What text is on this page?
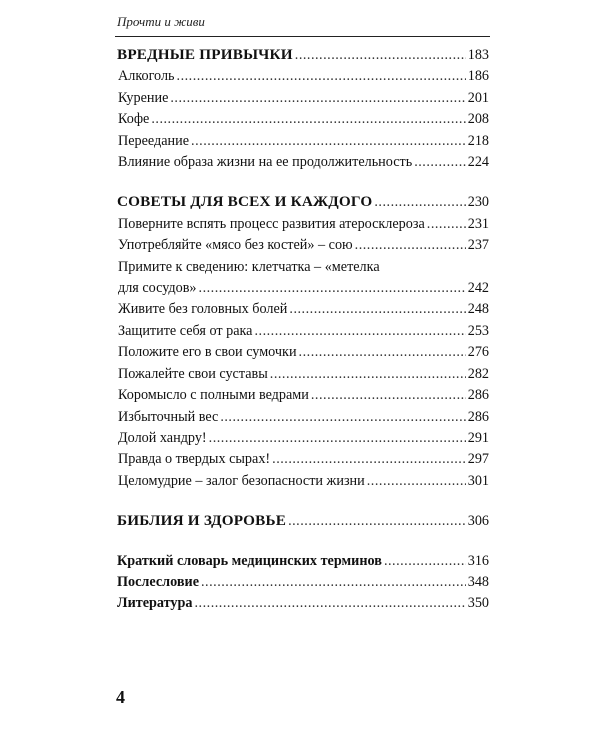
Прочти и живи
ВРЕДНЫЕ ПРИВЫЧКИ .....	183
Алкоголь .....	186
Курение .....	201
Кофе .....	208
Переедание .....	218
Влияние образа жизни на ее продолжительность .....	224
СОВЕТЫ ДЛЯ ВСЕХ И КАЖДОГО .....	230
Поверните вспять процесс развития атеросклероза .....	231
Употребляйте «мясо без костей» – сою .....	237
Примите к сведению: клетчатка – «метелка
для сосудов» .....	242
Живите без головных болей .....	248
Защитите себя от рака .....	253
Положите его в свои сумочки .....	276
Пожалейте свои суставы .....	282
Коромысло с полными ведрами .....	286
Избыточный вес .....	286
Долой хандру! .....	291
Правда о твердых сырах! .....	297
Целомудрие – залог безопасности жизни .....	301
БИБЛИЯ И ЗДОРОВЬЕ .....	306
Краткий словарь медицинских терминов .....	316
Послесловие .....	348
Литература .....	350
4
